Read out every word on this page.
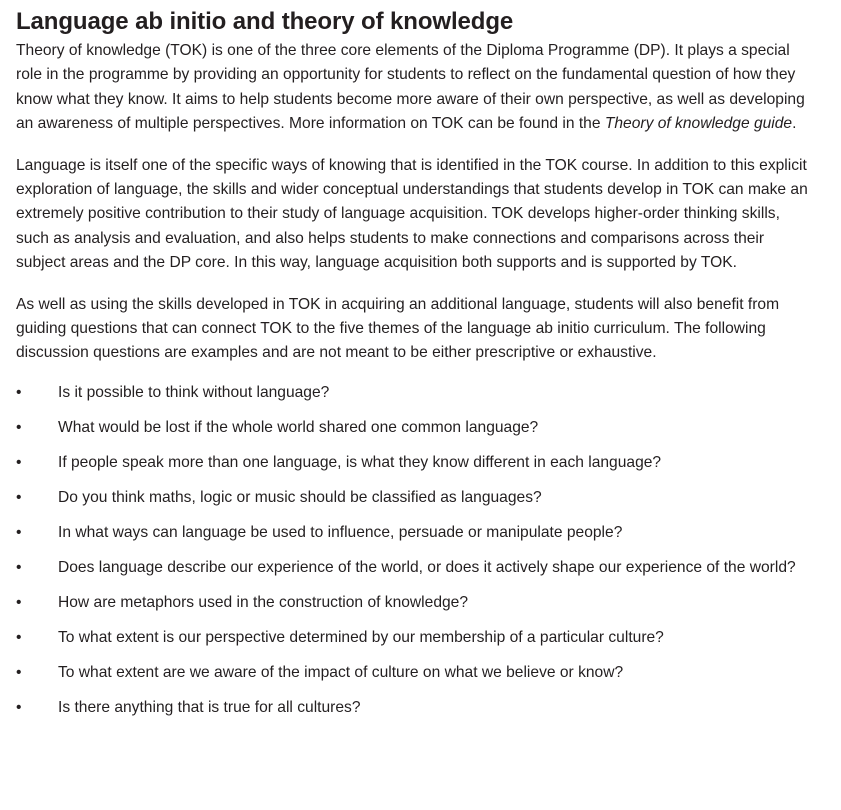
Language ab initio and theory of knowledge

Theory of knowledge (TOK) is one of the three core elements of the Diploma Programme (DP). It plays a special role in the programme by providing an opportunity for students to reflect on the fundamental question of how they know what they know. It aims to help students become more aware of their own perspective, as well as developing an awareness of multiple perspectives. More information on TOK can be found in the Theory of knowledge guide.

Language is itself one of the specific ways of knowing that is identified in the TOK course. In addition to this explicit exploration of language, the skills and wider conceptual understandings that students develop in TOK can make an extremely positive contribution to their study of language acquisition. TOK develops higher-order thinking skills, such as analysis and evaluation, and also helps students to make connections and comparisons across their subject areas and the DP core. In this way, language acquisition both supports and is supported by TOK.

As well as using the skills developed in TOK in acquiring an additional language, students will also benefit from guiding questions that can connect TOK to the five themes of the language ab initio curriculum. The following discussion questions are examples and are not meant to be either prescriptive or exhaustive.

• Is it possible to think without language?
• What would be lost if the whole world shared one common language?
• If people speak more than one language, is what they know different in each language?
• Do you think maths, logic or music should be classified as languages?
• In what ways can language be used to influence, persuade or manipulate people?
• Does language describe our experience of the world, or does it actively shape our experience of the world?
• How are metaphors used in the construction of knowledge?
• To what extent is our perspective determined by our membership of a particular culture?
• To what extent are we aware of the impact of culture on what we believe or know?
• Is there anything that is true for all cultures?
